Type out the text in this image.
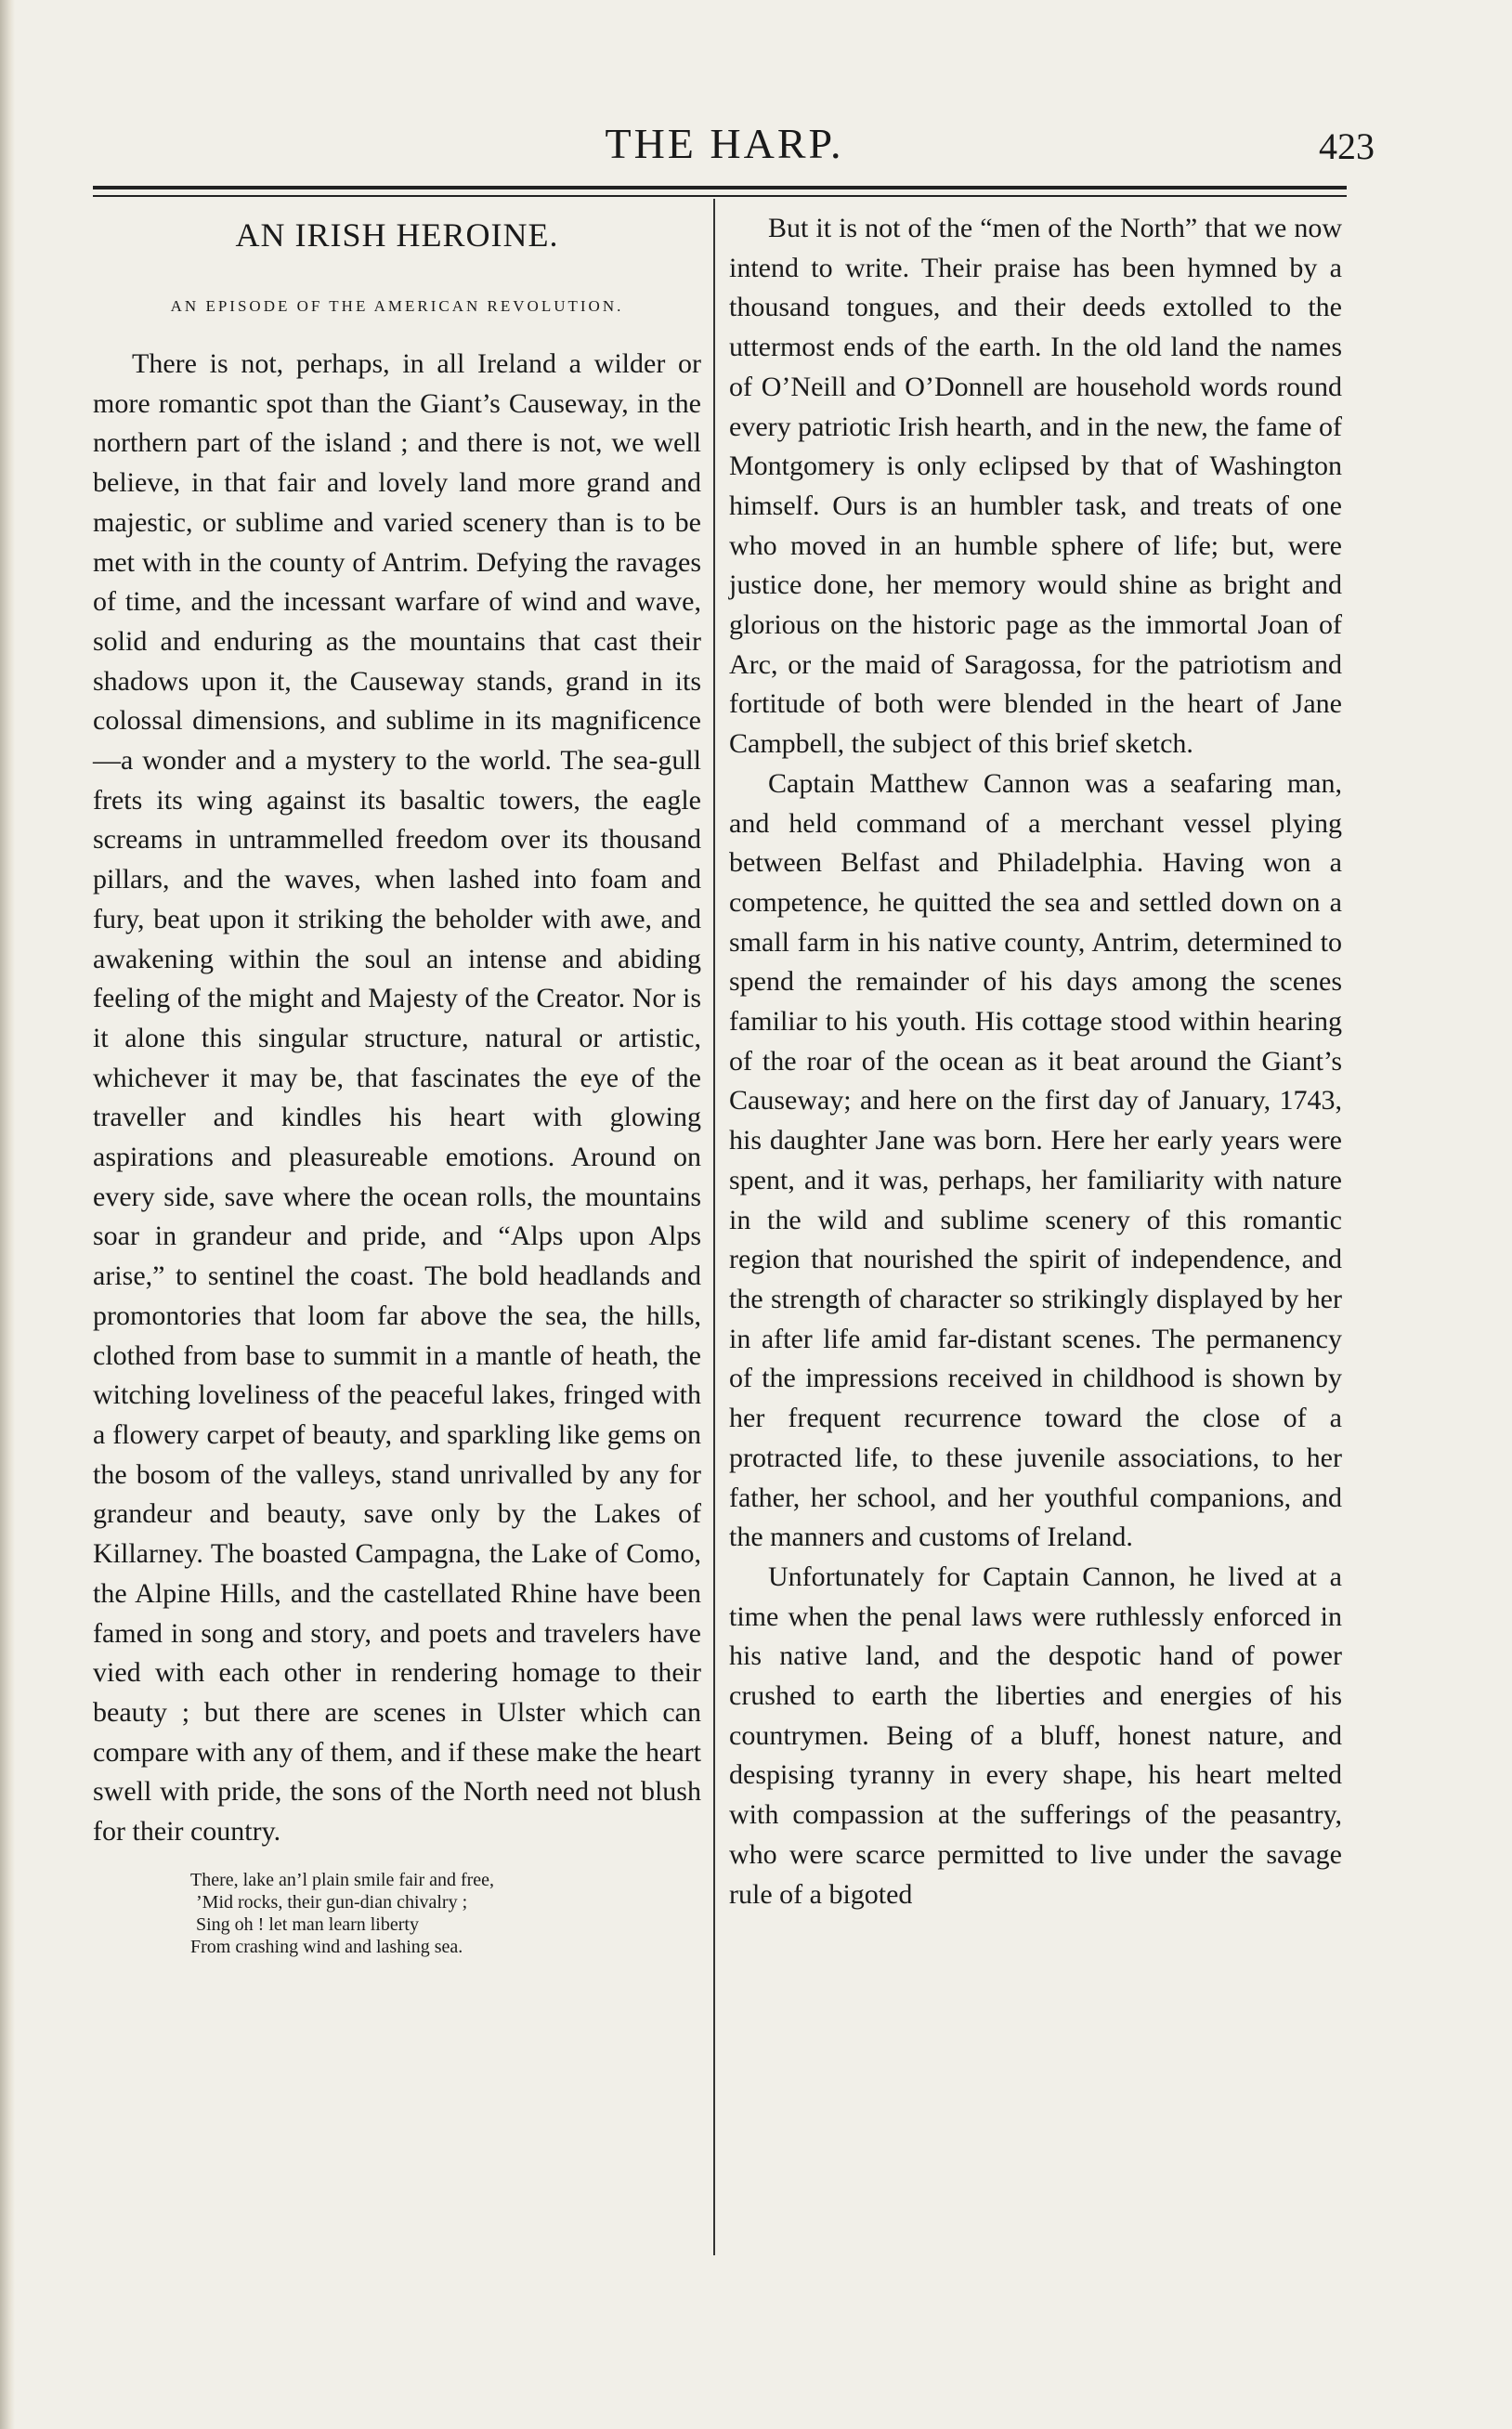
THE HARP.	423
AN IRISH HEROINE.
AN EPISODE OF THE AMERICAN REVOLUTION.

There is not, perhaps, in all Ireland a wilder or more romantic spot than the Giant’s Causeway, in the northern part of the island ; and there is not, we well believe, in that fair and lovely land more grand and majestic, or sublime and varied scenery than is to be met with in the county of Antrim. Defying the ravages of time, and the incessant warfare of wind and wave, solid and enduring as the mountains that cast their shadows upon it, the Causeway stands, grand in its colossal dimensions, and sublime in its magnificence—a wonder and a mystery to the world. The sea-gull frets its wing against its basaltic towers, the eagle screams in untrammelled freedom over its thousand pillars, and the waves, when lashed into foam and fury, beat upon it striking the beholder with awe, and awakening within the soul an intense and abiding feeling of the might and Majesty of the Creator. Nor is it alone this singular structure, natural or artistic, whichever it may be, that fascinates the eye of the traveller and kindles his heart with glowing aspirations and pleasureable emotions. Around on every side, save where the ocean rolls, the mountains soar in grandeur and pride, and “Alps upon Alps arise,” to sentinel the coast. The bold headlands and promontories that loom far above the sea, the hills, clothed from base to summit in a mantle of heath, the witching loveliness of the peaceful lakes, fringed with a flowery carpet of beauty, and sparkling like gems on the bosom of the valleys, stand unrivalled by any for grandeur and beauty, save only by the Lakes of Killarney. The boasted Campagna, the Lake of Como, the Alpine Hills, and the castellated Rhine have been famed in song and story, and poets and travelers have vied with each other in rendering homage to their beauty ; but there are scenes in Ulster which can compare with any of them, and if these make the heart swell with pride, the sons of the North need not blush for their country.

There, lake an’l plain smile fair and free,
’Mid rocks, their gun-dian chivalry ;
Sing oh ! let man learn liberty
From crashing wind and lashing sea.

But it is not of the “men of the North” that we now intend to write. Their praise has been hymned by a thousand tongues, and their deeds extolled to the uttermost ends of the earth. In the old land the names of O’Neill and O’Donnell are household words round every patriotic Irish hearth, and in the new, the fame of Montgomery is only eclipsed by that of Washington himself. Ours is an humbler task, and treats of one who moved in an humble sphere of life; but, were justice done, her memory would shine as bright and glorious on the historic page as the immortal Joan of Arc, or the maid of Saragossa, for the patriotism and fortitude of both were blended in the heart of Jane Campbell, the subject of this brief sketch.

Captain Matthew Cannon was a seafaring man, and held command of a merchant vessel plying between Belfast and Philadelphia. Having won a competence, he quitted the sea and settled down on a small farm in his native county, Antrim, determined to spend the remainder of his days among the scenes familiar to his youth. His cottage stood within hearing of the roar of the ocean as it beat around the Giant’s Causeway; and here on the first day of January, 1743, his daughter Jane was born. Here her early years were spent, and it was, perhaps, her familiarity with nature in the wild and sublime scenery of this romantic region that nourished the spirit of independence, and the strength of character so strikingly displayed by her in after life amid far-distant scenes. The permanency of the impressions received in childhood is shown by her frequent recurrence toward the close of a protracted life, to these juvenile associations, to her father, her school, and her youthful companions, and the manners and customs of Ireland.

Unfortunately for Captain Cannon, he lived at a time when the penal laws were ruthlessly enforced in his native land, and the despotic hand of power crushed to earth the liberties and energies of his countrymen. Being of a bluff, honest nature, and despising tyranny in every shape, his heart melted with compassion at the sufferings of the peasantry, who were scarce permitted to live under the savage rule of a bigoted
